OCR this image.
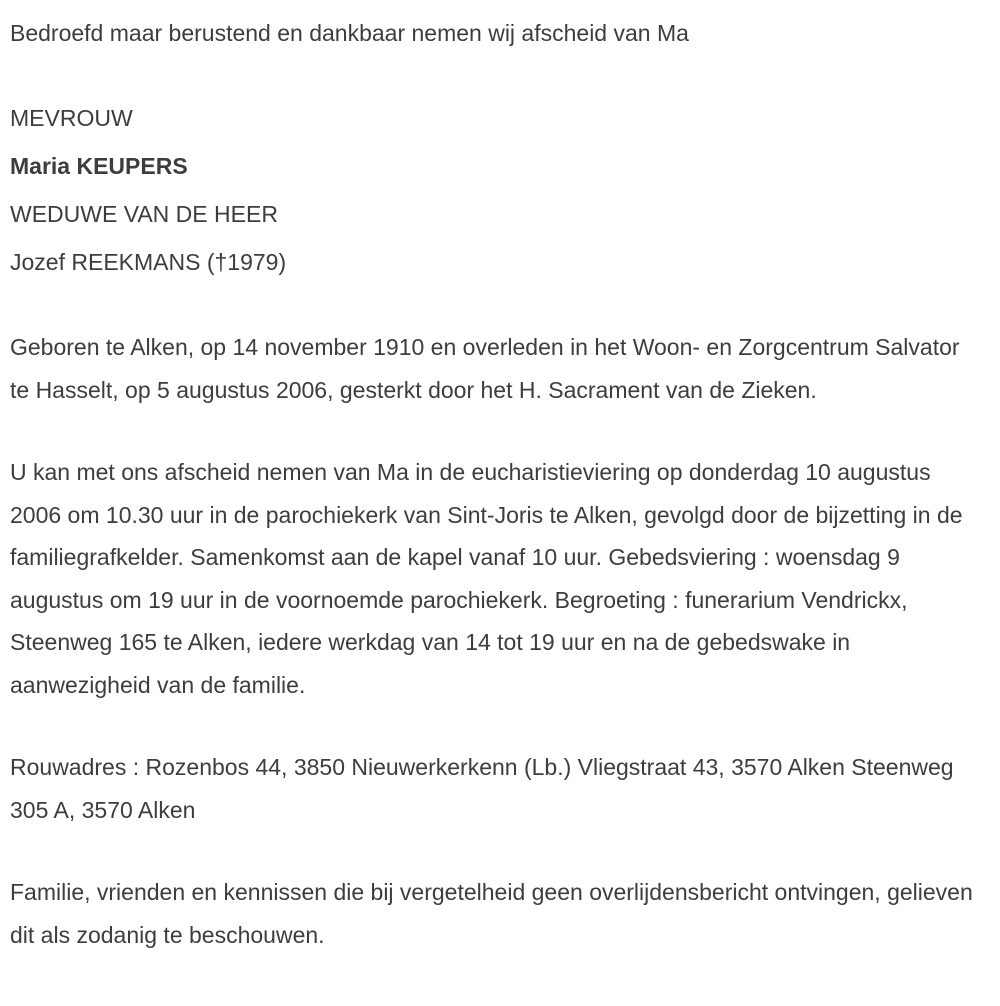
Bedroefd maar berustend en dankbaar nemen wij afscheid van Ma
MEVROUW
Maria KEUPERS
WEDUWE VAN DE HEER
Jozef REEKMANS (†1979)
Geboren te Alken, op 14 november 1910 en overleden in het Woon- en Zorgcentrum Salvator te Hasselt, op 5 augustus 2006, gesterkt door het H. Sacrament van de Zieken.
U kan met ons afscheid nemen van Ma in de eucharistieviering op donderdag 10 augustus 2006 om 10.30 uur in de parochiekerk van Sint-Joris te Alken, gevolgd door de bijzetting in de familiegrafkelder. Samenkomst aan de kapel vanaf 10 uur. Gebedsviering : woensdag 9 augustus om 19 uur in de voornoemde parochiekerk. Begroeting : funerarium Vendrickx, Steenweg 165 te Alken, iedere werkdag van 14 tot 19 uur en na de gebedswake in aanwezigheid van de familie.
Rouwadres : Rozenbos 44, 3850 Nieuwerkerkenn (Lb.) Vliegstraat 43, 3570 Alken Steenweg 305 A, 3570 Alken
Familie, vrienden en kennissen die bij vergetelheid geen overlijdensbericht ontvingen, gelieven dit als zodanig te beschouwen.
